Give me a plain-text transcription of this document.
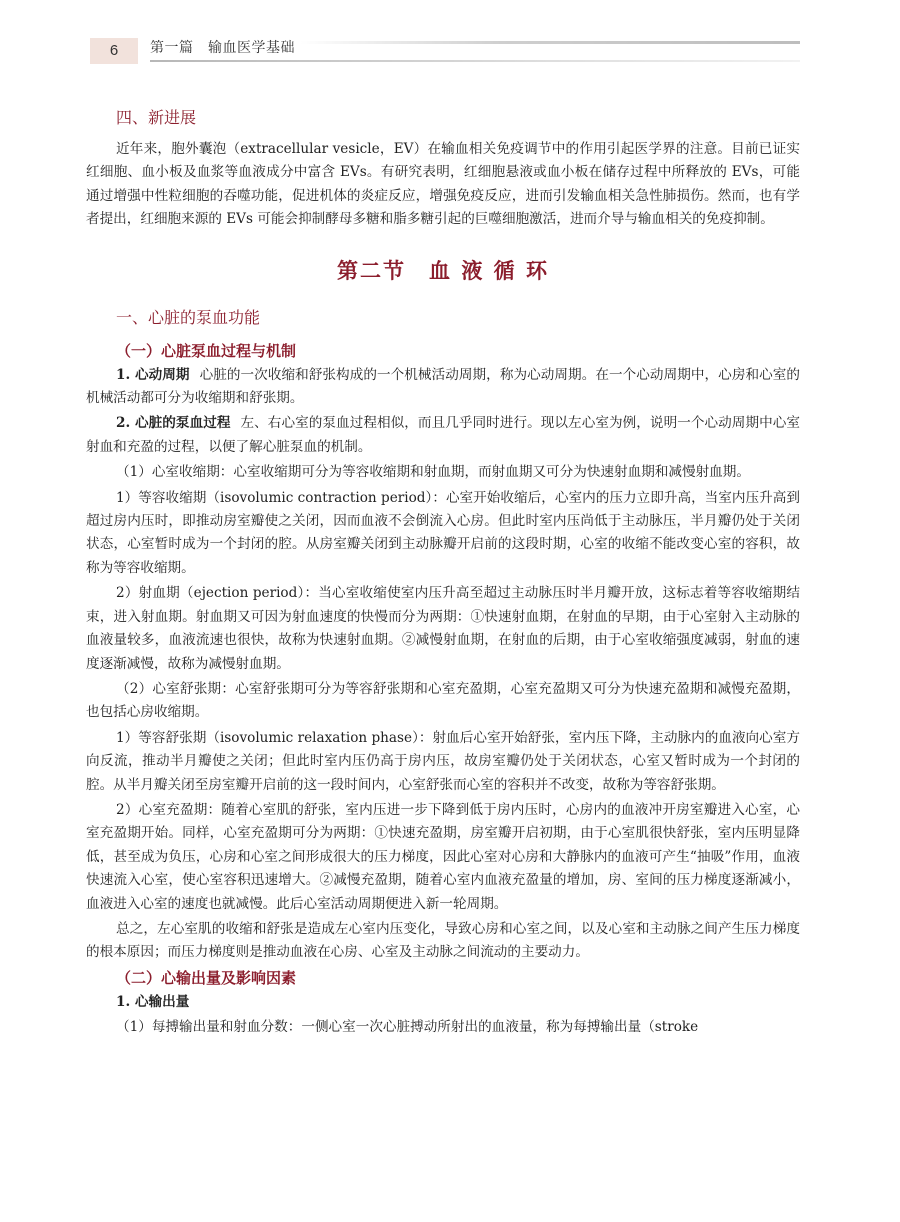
6	第一篇　输血医学基础
四、新进展

近年来，胞外囊泡（extracellular vesicle，EV）在输血相关免疫调节中的作用引起医学界的注意。目前已证实红细胞、血小板及血浆等血液成分中富含 EVs。有研究表明，红细胞悬液或血小板在储存过程中所释放的 EVs，可能通过增强中性粒细胞的吞噬功能，促进机体的炎症反应，增强免疫反应，进而引发输血相关急性肺损伤。然而，也有学者提出，红细胞来源的 EVs 可能会抑制酵母多糖和脂多糖引起的巨噬细胞激活，进而介导与输血相关的免疫抑制。

第二节　血 液 循 环
一、心脏的泵血功能
（一）心脏泵血过程与机制

1. 心动周期 心脏的一次收缩和舒张构成的一个机械活动周期，称为心动周期。在一个心动周期中，心房和心室的机械活动都可分为收缩期和舒张期。

2. 心脏的泵血过程 左、右心室的泵血过程相似，而且几乎同时进行。现以左心室为例，说明一个心动周期中心室射血和充盈的过程，以便了解心脏泵血的机制。

（1）心室收缩期：心室收缩期可分为等容收缩期和射血期，而射血期又可分为快速射血期和减慢射血期。

1）等容收缩期（isovolumic contraction period）：心室开始收缩后，心室内的压力立即升高，当室内压升高到超过房内压时，即推动房室瓣使之关闭，因而血液不会倒流入心房。但此时室内压尚低于主动脉压，半月瓣仍处于关闭状态，心室暂时成为一个封闭的腔。从房室瓣关闭到主动脉瓣开启前的这段时期，心室的收缩不能改变心室的容积，故称为等容收缩期。

2）射血期（ejection period）：当心室收缩使室内压升高至超过主动脉压时半月瓣开放，这标志着等容收缩期结束，进入射血期。射血期又可因为射血速度的快慢而分为两期：①快速射血期，在射血的早期，由于心室射入主动脉的血液量较多，血液流速也很快，故称为快速射血期。②减慢射血期，在射血的后期，由于心室收缩强度减弱，射血的速度逐渐减慢，故称为减慢射血期。

（2）心室舒张期：心室舒张期可分为等容舒张期和心室充盈期，心室充盈期又可分为快速充盈期和减慢充盈期，也包括心房收缩期。

1）等容舒张期（isovolumic relaxation phase）：射血后心室开始舒张，室内压下降，主动脉内的血液向心室方向反流，推动半月瓣使之关闭；但此时室内压仍高于房内压，故房室瓣仍处于关闭状态，心室又暂时成为一个封闭的腔。从半月瓣关闭至房室瓣开启前的这一段时间内，心室舒张而心室的容积并不改变，故称为等容舒张期。

2）心室充盈期：随着心室肌的舒张，室内压进一步下降到低于房内压时，心房内的血液冲开房室瓣进入心室，心室充盈期开始。同样，心室充盈期可分为两期：①快速充盈期，房室瓣开启初期，由于心室肌很快舒张，室内压明显降低，甚至成为负压，心房和心室之间形成很大的压力梯度，因此心室对心房和大静脉内的血液可产生“抽吸”作用，血液快速流入心室，使心室容积迅速增大。②减慢充盈期，随着心室内血液充盈量的增加，房、室间的压力梯度逐渐减小，血液进入心室的速度也就减慢。此后心室活动周期便进入新一轮周期。

总之，左心室肌的收缩和舒张是造成左心室内压变化，导致心房和心室之间，以及心室和主动脉之间产生压力梯度的根本原因；而压力梯度则是推动血液在心房、心室及主动脉之间流动的主要动力。

（二）心输出量及影响因素

1. 心输出量

（1）每搏输出量和射血分数：一侧心室一次心脏搏动所射出的血液量，称为每搏输出量（stroke
